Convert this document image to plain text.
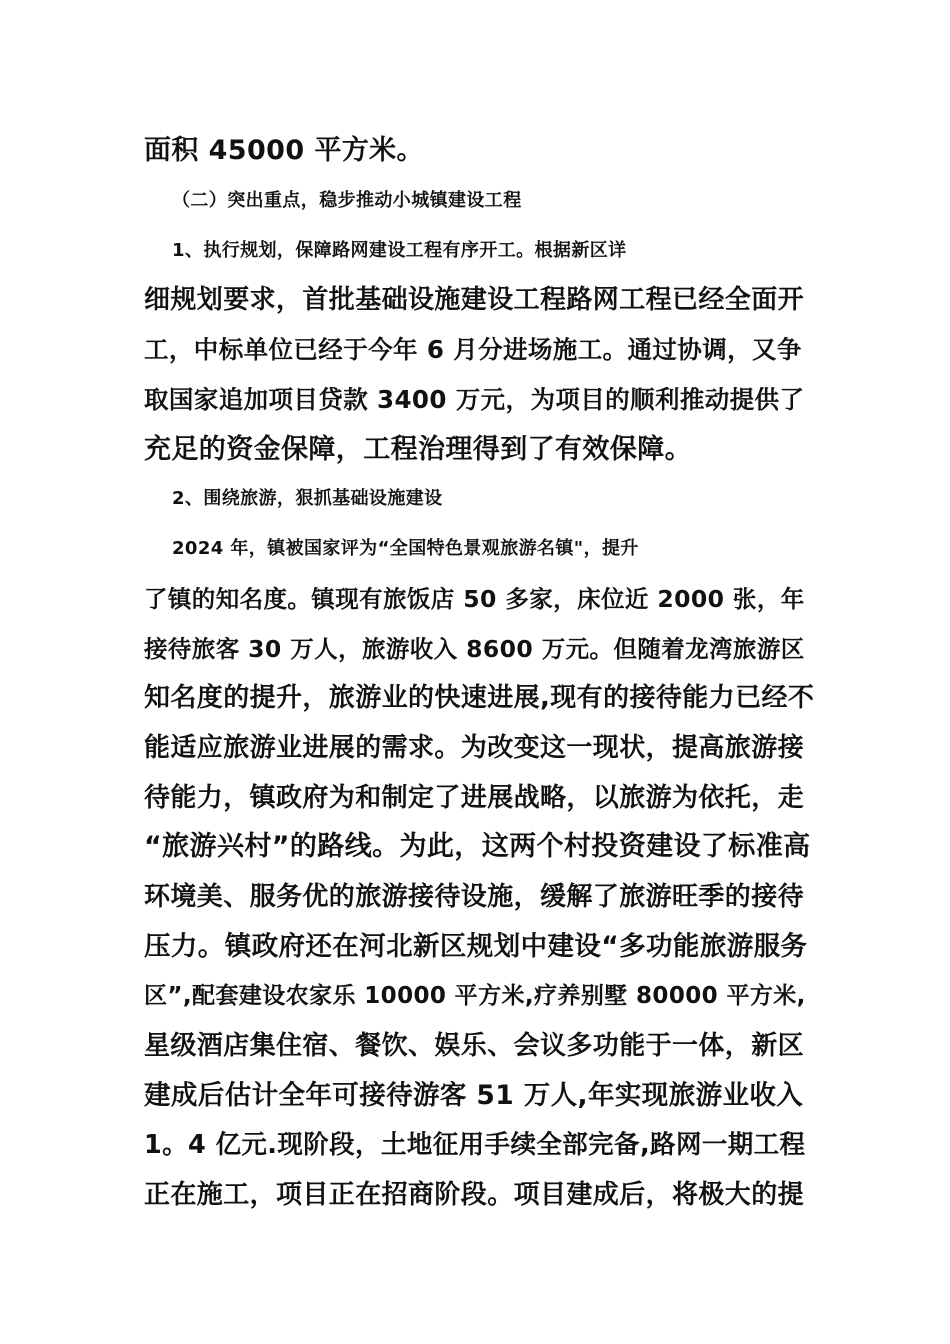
面积 45000 平方米。
（二）突出重点，稳步推动小城镇建设工程
1、执行规划，保障路网建设工程有序开工。根据新区详
细规划要求，首批基础设施建设工程路网工程已经全面开
工，中标单位已经于今年 6 月分进场施工。通过协调，又争
取国家追加项目贷款 3400 万元，为项目的顺利推动提供了
充足的资金保障，工程治理得到了有效保障。
2、围绕旅游，狠抓基础设施建设
2024 年，镇被国家评为“全国特色景观旅游名镇"，提升
了镇的知名度。镇现有旅饭店 50 多家，床位近 2000 张，年
接待旅客 30 万人，旅游收入 8600 万元。但随着龙湾旅游区
知名度的提升，旅游业的快速进展,现有的接待能力已经不
能适应旅游业进展的需求。为改变这一现状，提高旅游接
待能力，镇政府为和制定了进展战略，以旅游为依托，走
“旅游兴村”的路线。为此，这两个村投资建设了标准高
环境美、服务优的旅游接待设施，缓解了旅游旺季的接待
压力。镇政府还在河北新区规划中建设“多功能旅游服务
区”,配套建设农家乐 10000 平方米,疗养别墅 80000 平方米,
星级酒店集住宿、餐饮、娱乐、会议多功能于一体，新区
建成后估计全年可接待游客 51 万人,年实现旅游业收入
1。4 亿元.现阶段，土地征用手续全部完备,路网一期工程
正在施工，项目正在招商阶段。项目建成后，将极大的提
